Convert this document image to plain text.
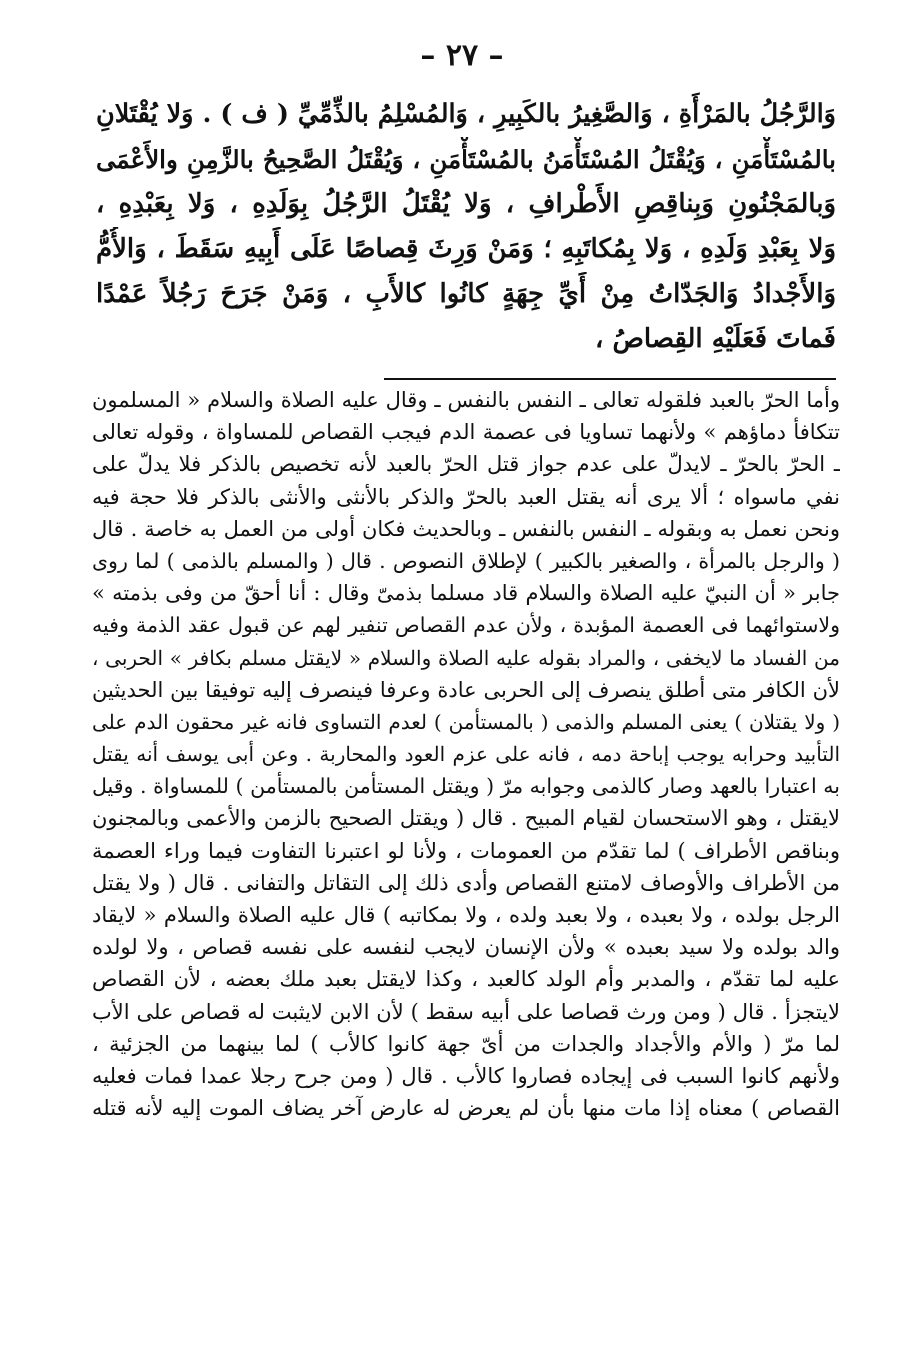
– ٢٧ –
وَالرَّجُلُ بالمَرْأَةِ ، وَالصَّغِيرُ بالكَبِيرِ ، وَالمُسْلِمُ بالذِّمِّيِّ ( ف ) . وَلا يُقْتَلانِ
بالمُسْتَأْمَنِ ، وَيُقْتَلُ المُسْتَأْمَنُ بالمُسْتَأْمَنِ ، وَيُقْتَلُ الصَّحِيحُ بالزَّمِنِ والأَعْمَى
وَبالمَجْنُونِ وَبِناقِصِ الأَطْرافِ ، وَلا يُقْتَلُ الرَّجُلُ بِوَلَدِهِ ، وَلا بِعَبْدِهِ ،
وَلا بِعَبْدِ وَلَدِهِ ، وَلا بِمُكاتَبِهِ ؛ وَمَنْ وَرِثَ قِصاصًا عَلَى أَبِيهِ سَقَطَ ، وَالأُمُّ
وَالأَجْدادُ وَالجَدّاتُ مِنْ أَيِّ جِهَةٍ كانُوا كالأَبِ ، وَمَنْ جَرَحَ رَجُلاً عَمْدًا
فَماتَ فَعَلَيْهِ القِصاصُ ،
وأما الحرّ بالعبد فلقوله تعالى ـ النفس بالنفس ـ وقال عليه الصلاة والسلام « المسلمون
تتكافأ دماؤهم » ولأنهما تساويا فى عصمة الدم فيجب القصاص للمساواة ، وقوله تعالى
ـ الحرّ بالحرّ ـ لايدلّ على عدم جواز قتل الحرّ بالعبد لأنه تخصيص بالذكر فلا يدلّ على
نفي ماسواه ؛ ألا يرى أنه يقتل العبد بالحرّ والذكر بالأنثى والأنثى بالذكر فلا حجة فيه
ونحن نعمل به وبقوله ـ النفس بالنفس ـ وبالحديث فكان أولى من العمل به خاصة . قال
( والرجل بالمرأة ، والصغير بالكبير ) لإطلاق النصوص . قال ( والمسلم بالذمى ) لما روى
جابر « أن النبيّ عليه الصلاة والسلام قاد مسلما بذمىّ وقال : أنا أحقّ من وفى بذمته »
ولاستوائهما فى العصمة المؤبدة ، ولأن عدم القصاص تنفير لهم عن قبول عقد الذمة وفيه
من الفساد ما لايخفى ، والمراد بقوله عليه الصلاة والسلام « لايقتل مسلم بكافر » الحربى ،
لأن الكافر متى أطلق ينصرف إلى الحربى عادة وعرفا فينصرف إليه توفيقا بين الحديثين
( ولا يقتلان ) يعنى المسلم والذمى ( بالمستأمن ) لعدم التساوى فانه غير محقون الدم على
التأبيد وحرابه يوجب إباحة دمه ، فانه على عزم العود والمحاربة . وعن أبى يوسف أنه يقتل
به اعتبارا بالعهد وصار كالذمى وجوابه مرّ ( ويقتل المستأمن بالمستأمن ) للمساواة . وقيل
لايقتل ، وهو الاستحسان لقيام المبيح . قال ( ويقتل الصحيح بالزمن والأعمى وبالمجنون
وبناقص الأطراف ) لما تقدّم من العمومات ، ولأنا لو اعتبرنا التفاوت فيما وراء العصمة
من الأطراف والأوصاف لامتنع القصاص وأدى ذلك إلى التقاتل والتفانى . قال ( ولا يقتل
الرجل بولده ، ولا بعبده ، ولا بعبد ولده ، ولا بمكاتبه ) قال عليه الصلاة والسلام « لايقاد
والد بولده ولا سيد بعبده » ولأن الإنسان لايجب لنفسه على نفسه قصاص ، ولا لولده
عليه لما تقدّم ، والمدبر وأم الولد كالعبد ، وكذا لايقتل بعبد ملك بعضه ، لأن القصاص
لايتجزأ . قال ( ومن ورث قصاصا على أبيه سقط ) لأن الابن لايثبت له قصاص على الأب
لما مرّ ( والأم والأجداد والجدات من أىّ جهة كانوا كالأب ) لما بينهما من الجزئية ،
ولأنهم كانوا السبب فى إيجاده فصاروا كالأب . قال ( ومن جرح رجلا عمدا فمات فعليه
القصاص ) معناه إذا مات منها بأن لم يعرض له عارض آخر يضاف الموت إليه لأنه قتله
